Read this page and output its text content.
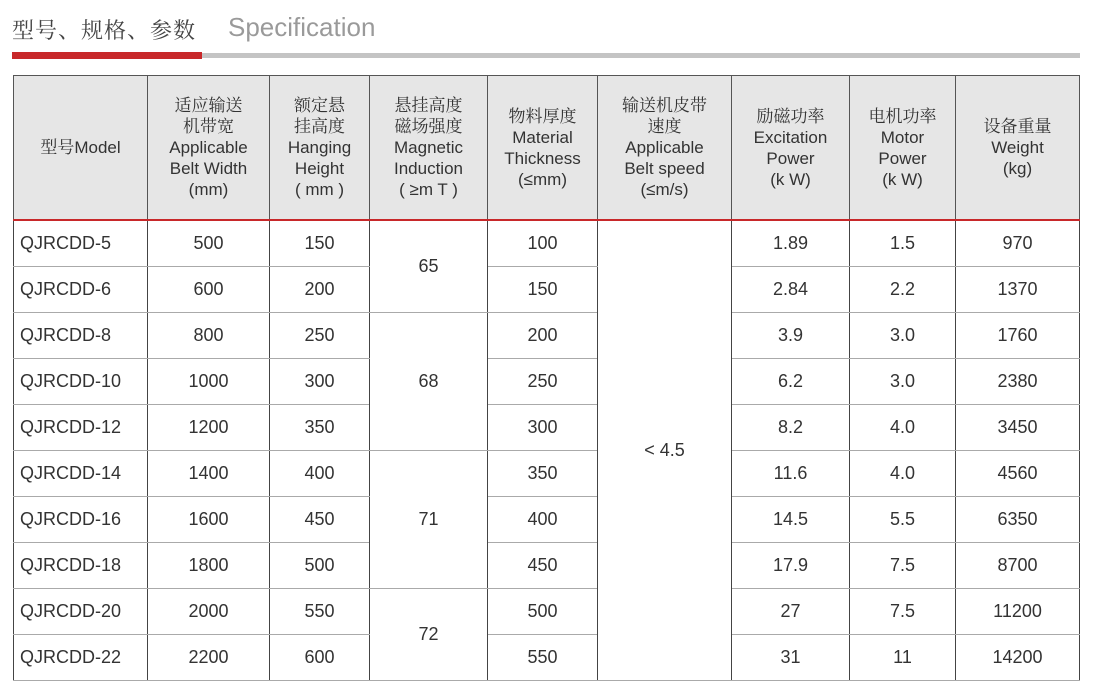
型号、规格、参数 Specification
型号Model	适应输送
机带宽
Applicable
Belt Width
(mm)	额定悬
挂高度
Hanging
Height
( mm )	悬挂高度
磁场强度
Magnetic
Induction
( ≥m T )	物料厚度
Material
Thickness
(≤mm)	输送机皮带
速度
Applicable
Belt speed
(≤m/s)	励磁功率
Excitation
Power
(k W)	电机功率
Motor
Power
(k W)	设备重量
Weight
(kg)

QJRCDD-5	500	150	65	100	< 4.5	1.89	1.5	970
QJRCDD-6	600	200		150		2.84	2.2	1370
QJRCDD-8	800	250	68	200		3.9	3.0	1760
QJRCDD-10	1000	300		250		6.2	3.0	2380
QJRCDD-12	1200	350		300		8.2	4.0	3450
QJRCDD-14	1400	400	71	350		11.6	4.0	4560
QJRCDD-16	1600	450		400		14.5	5.5	6350
QJRCDD-18	1800	500		450		17.9	7.5	8700
QJRCDD-20	2000	550	72	500		27	7.5	11200
QJRCDD-22	2200	600		550		31	11	14200
